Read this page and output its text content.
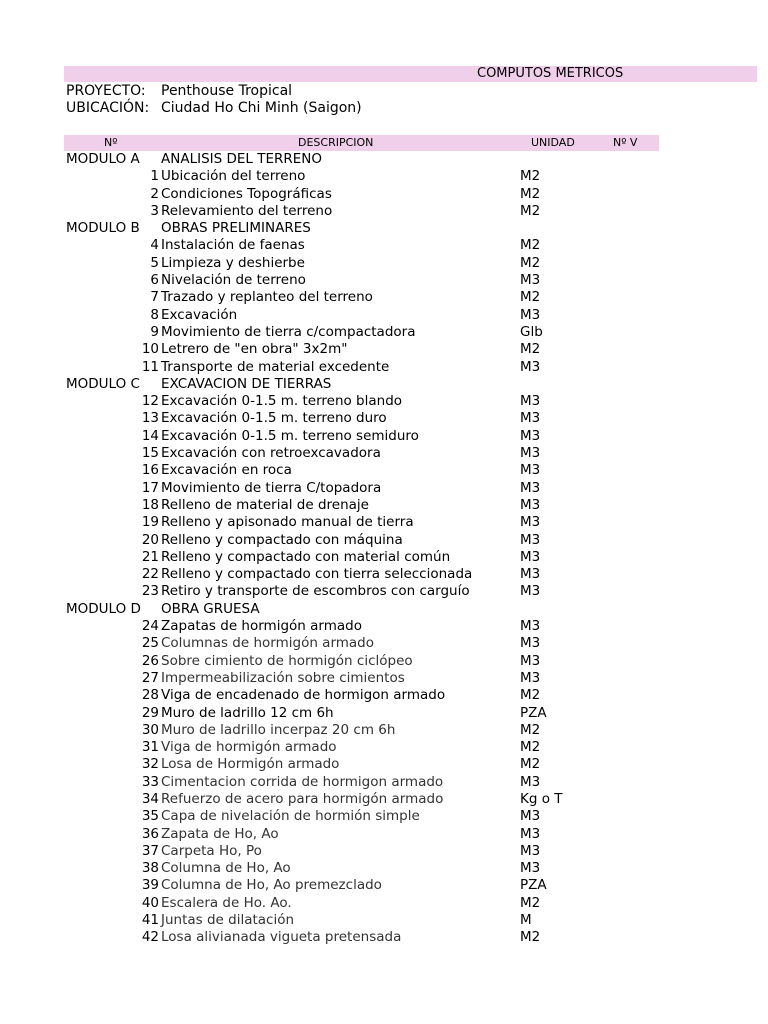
COMPUTOS METRICOS
PROYECTO: Penthouse Tropical
UBICACIÓN: Ciudad Ho Chi Minh (Saigon)
Nº	DESCRIPCION	UNIDAD	Nº V
MODULO A ANALISIS DEL TERRENO
1 Ubicación del terreno	M2
2 Condiciones Topográficas	M2
3 Relevamiento del terreno	M2
MODULO B OBRAS PRELIMINARES
4 Instalación de faenas	M2
5 Limpieza y deshierbe	M2
6 Nivelación de terreno	M3
7 Trazado y replanteo del terreno	M2
8 Excavación	M3
9 Movimiento de tierra c/compactadora	Glb
10 Letrero de "en obra" 3x2m"	M2
11 Transporte de material excedente	M3
MODULO C EXCAVACION DE TIERRAS
12 Excavación 0-1.5 m. terreno blando	M3
13 Excavación 0-1.5 m. terreno duro	M3
14 Excavación 0-1.5 m. terreno semiduro	M3
15 Excavación con retroexcavadora	M3
16 Excavación en roca	M3
17 Movimiento de tierra C/topadora	M3
18 Relleno de material de drenaje	M3
19 Relleno y apisonado manual de tierra	M3
20 Relleno y compactado con máquina	M3
21 Relleno y compactado con material común	M3
22 Relleno y compactado con tierra seleccionada	M3
23 Retiro y transporte de escombros con carguío	M3
MODULO D OBRA GRUESA
24 Zapatas de hormigón armado	M3
25 Columnas de hormigón armado	M3
26 Sobre cimiento de hormigón ciclópeo	M3
27 Impermeabilización sobre cimientos	M3
28 Viga de encadenado de hormigon armado	M2
29 Muro de ladrillo 12 cm 6h	PZA
30 Muro de ladrillo incerpaz 20 cm 6h	M2
31 Viga de hormigón armado	M2
32 Losa de Hormigón armado	M2
33 Cimentacion corrida de hormigon armado	M3
34 Refuerzo de acero para hormigón armado	Kg o T
35 Capa de nivelación de hormión simple	M3
36 Zapata de Ho, Ao	M3
37 Carpeta Ho, Po	M3
38 Columna de Ho, Ao	M3
39 Columna de Ho, Ao premezclado	PZA
40 Escalera de Ho. Ao.	M2
41 Juntas de dilatación	M
42 Losa alivianada vigueta pretensada	M2
